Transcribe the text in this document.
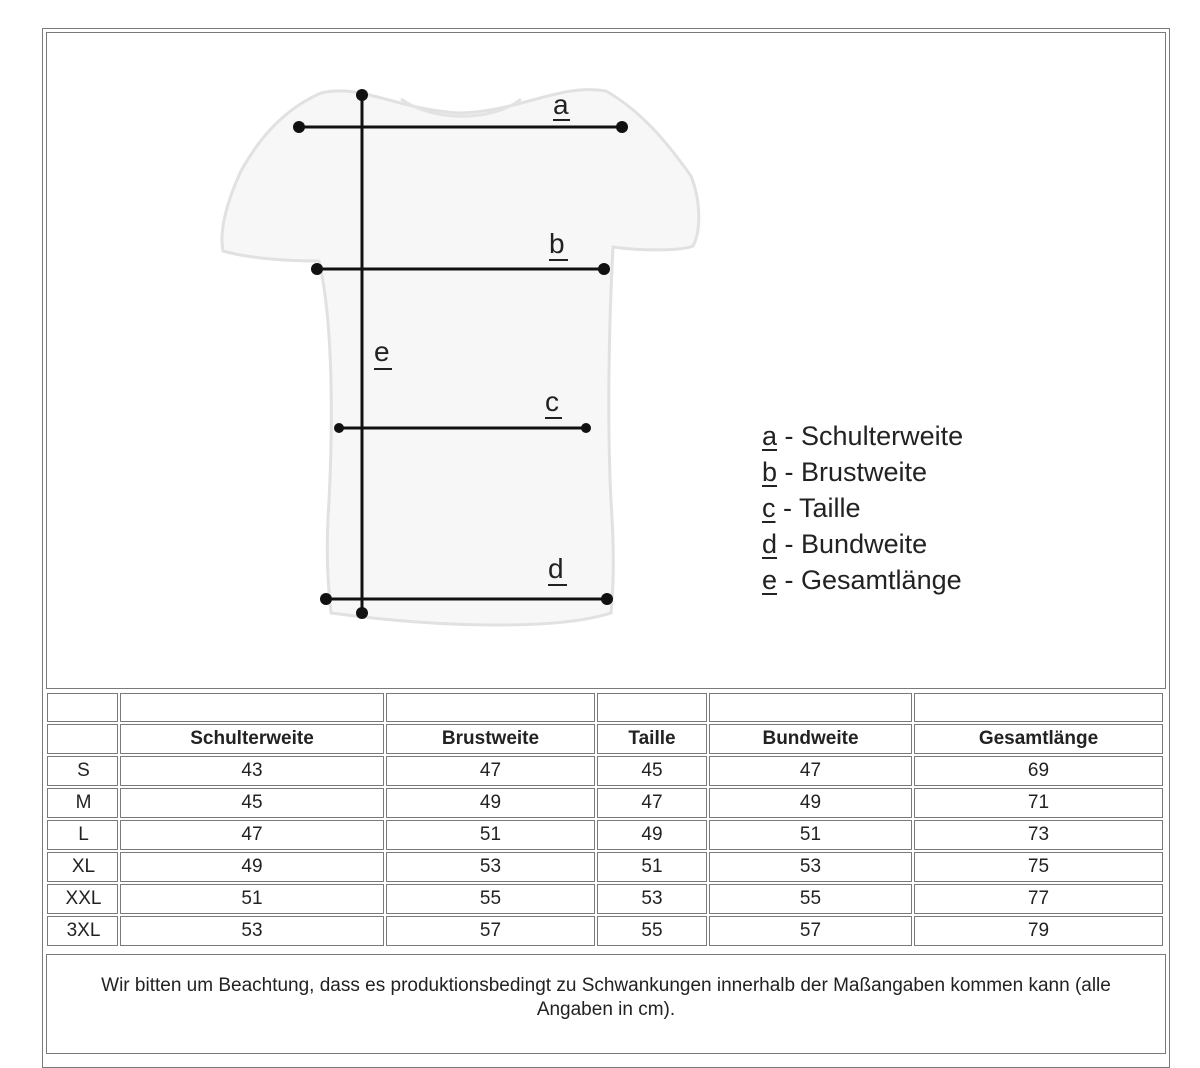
a
b
e
c
d
a - Schulterweite
b - Brustweite
c - Taille
d - Bundweite
e - Gesamtlänge

	Schulterweite	Brustweite	Taille	Bundweite	Gesamtlänge
S	43	47	45	47	69
M	45	49	47	49	71
L	47	51	49	51	73
XL	49	53	51	53	75
XXL	51	55	53	55	77
3XL	53	57	55	57	79
Wir bitten um Beachtung, dass es produktionsbedingt zu Schwankungen innerhalb der Maßangaben kommen kann (alle Angaben in cm).
